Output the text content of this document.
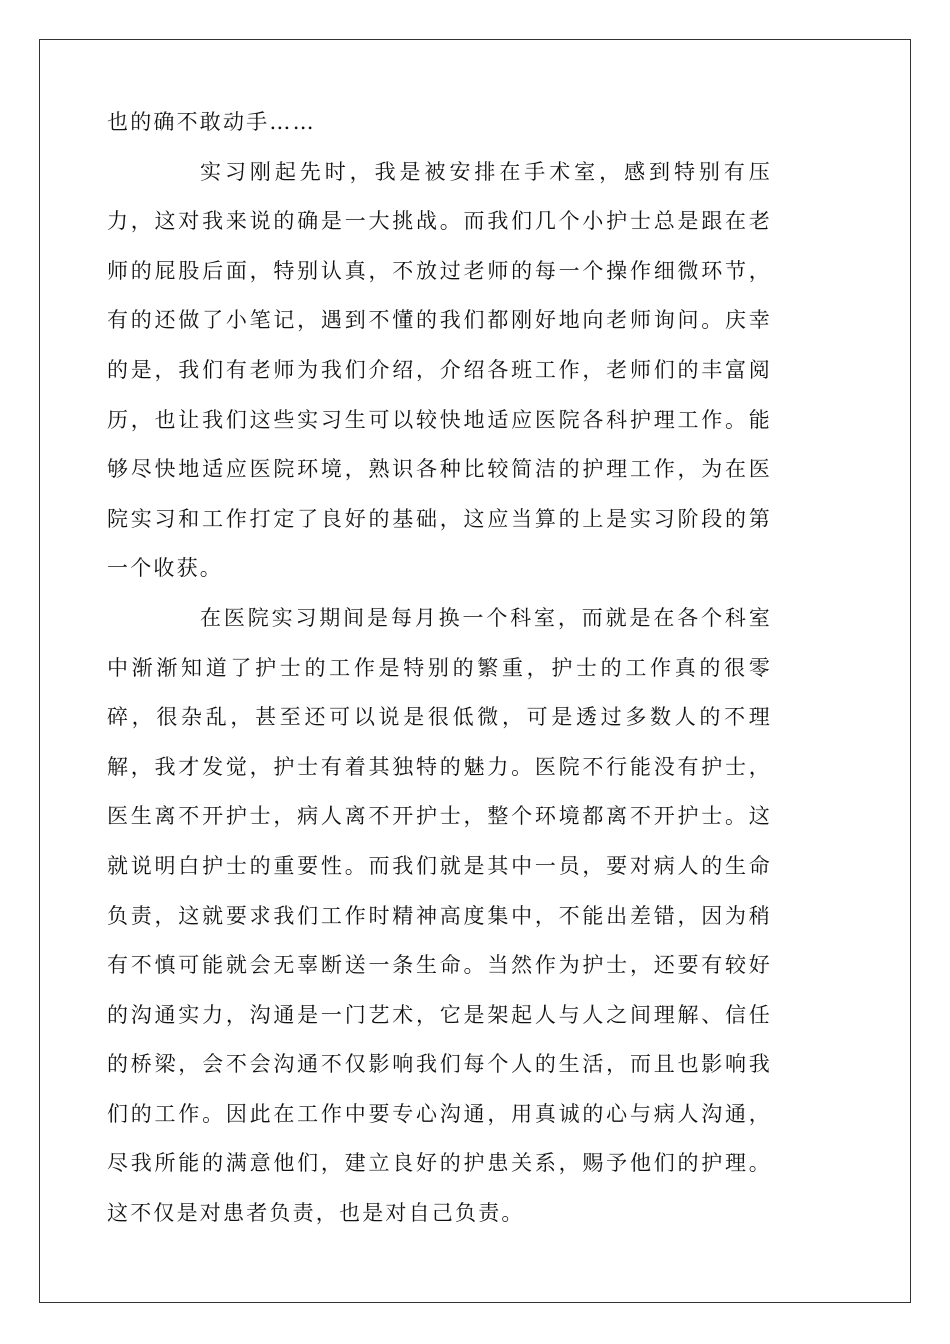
也的确不敢动手……

实习刚起先时，我是被安排在手术室，感到特别有压力，这对我来说的确是一大挑战。而我们几个小护士总是跟在老师的屁股后面，特别认真，不放过老师的每一个操作细微环节，有的还做了小笔记，遇到不懂的我们都刚好地向老师询问。庆幸的是，我们有老师为我们介绍，介绍各班工作，老师们的丰富阅历，也让我们这些实习生可以较快地适应医院各科护理工作。能够尽快地适应医院环境，熟识各种比较简洁的护理工作，为在医院实习和工作打定了良好的基础，这应当算的上是实习阶段的第一个收获。

在医院实习期间是每月换一个科室，而就是在各个科室中渐渐知道了护士的工作是特别的繁重，护士的工作真的很零碎，很杂乱，甚至还可以说是很低微，可是透过多数人的不理解，我才发觉，护士有着其独特的魅力。医院不行能没有护士，医生离不开护士，病人离不开护士，整个环境都离不开护士。这就说明白护士的重要性。而我们就是其中一员，要对病人的生命负责，这就要求我们工作时精神高度集中，不能出差错，因为稍有不慎可能就会无辜断送一条生命。当然作为护士，还要有较好的沟通实力，沟通是一门艺术，它是架起人与人之间理解、信任的桥梁，会不会沟通不仅影响我们每个人的生活，而且也影响我们的工作。因此在工作中要专心沟通，用真诚的心与病人沟通，尽我所能的满意他们，建立良好的护患关系，赐予他们的护理。这不仅是对患者负责，也是对自己负责。
